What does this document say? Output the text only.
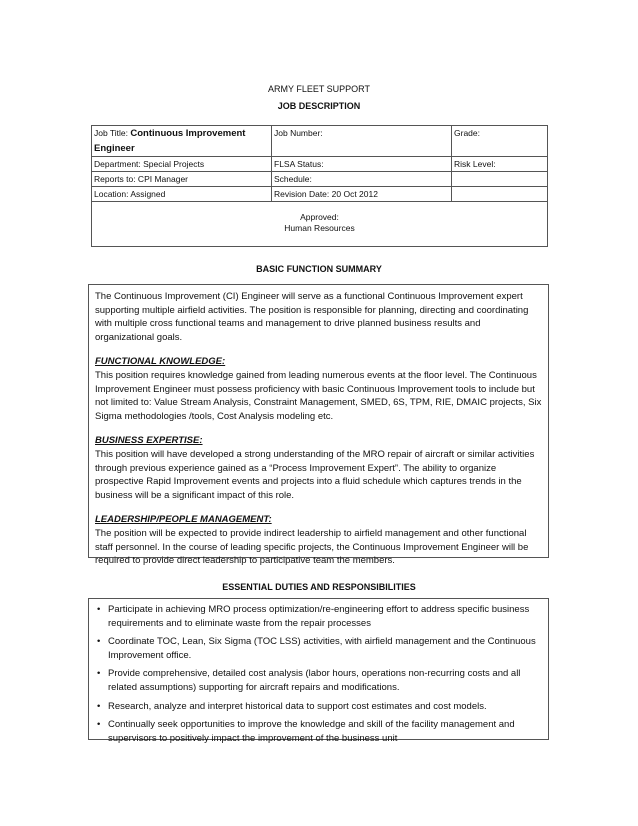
ARMY FLEET SUPPORT
JOB DESCRIPTION
Job Title: Continuous Improvement Engineer	Job Number:	Grade:
Department: Special Projects	FLSA Status:	Risk Level:
Reports to: CPI Manager	Schedule:	
Location: Assigned	Revision Date: 20 Oct 2012	

Approved:
Human Resources		
BASIC FUNCTION SUMMARY

The Continuous Improvement (CI) Engineer will serve as a functional Continuous Improvement expert supporting multiple airfield activities. The position is responsible for planning, directing and coordinating with multiple cross functional teams and management to drive planned business results and organizational goals.

FUNCTIONAL KNOWLEDGE:

This position requires knowledge gained from leading numerous events at the floor level. The Continuous Improvement Engineer must possess proficiency with basic Continuous Improvement tools to include but not limited to: Value Stream Analysis, Constraint Management, SMED, 6S, TPM, RIE, DMAIC projects, Six Sigma methodologies /tools, Cost Analysis modeling etc.

BUSINESS EXPERTISE:

This position will have developed a strong understanding of the MRO repair of aircraft or similar activities through previous experience gained as a “Process Improvement Expert”. The ability to organize prospective Rapid Improvement events and projects into a fluid schedule which captures trends in the business will be a significant impact of this role.

LEADERSHIP/PEOPLE MANAGEMENT:

The position will be expected to provide indirect leadership to airfield management and other functional staff personnel. In the course of leading specific projects, the Continuous Improvement Engineer will be required to provide direct leadership to participative team the members.

ESSENTIAL DUTIES AND RESPONSIBILITIES
• Participate in achieving MRO process optimization/re-engineering effort to address specific business requirements and to eliminate waste from the repair processes
• Coordinate TOC, Lean, Six Sigma (TOC LSS) activities, with airfield management and the Continuous Improvement office.
• Provide comprehensive, detailed cost analysis (labor hours, operations non-recurring costs and all related assumptions) supporting for aircraft repairs and modifications.
• Research, analyze and interpret historical data to support cost estimates and cost models.
• Continually seek opportunities to improve the knowledge and skill of the facility management and supervisors to positively impact the improvement of the business unit
